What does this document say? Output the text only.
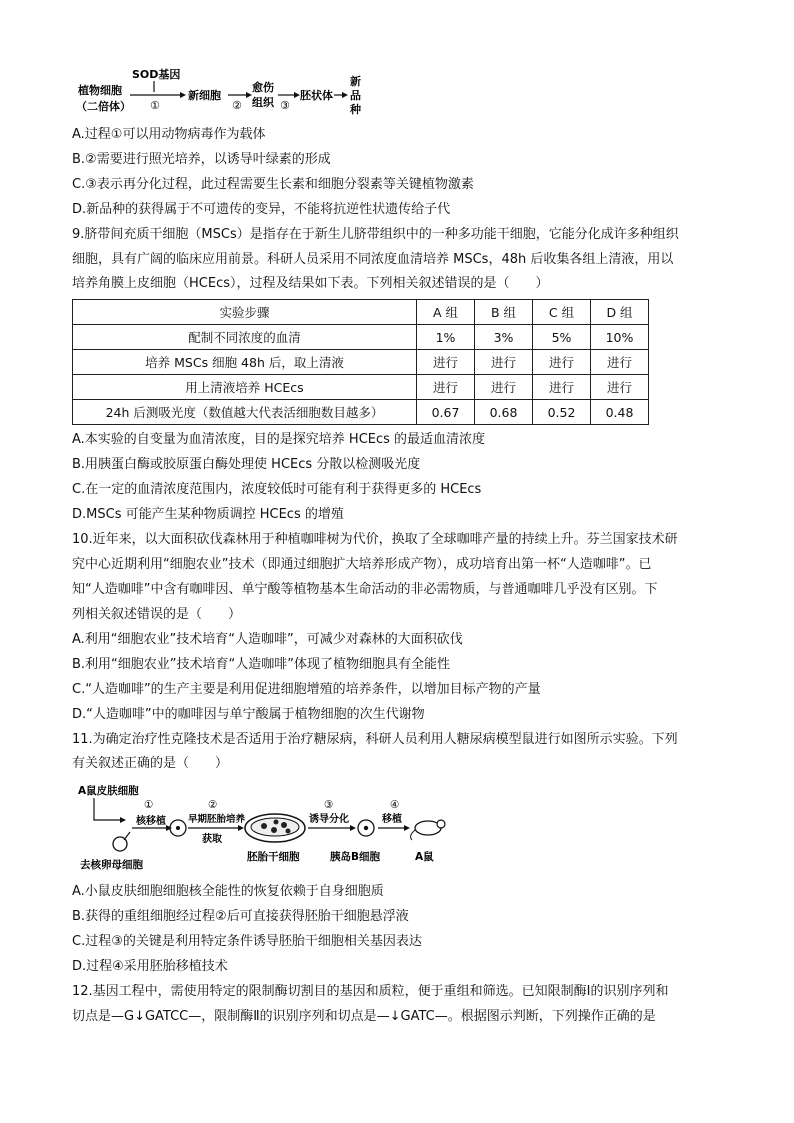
植物细胞
（二倍体）
SOD基因
①
新细胞
②
愈伤
组织 ③
胚状体
新
品
种
A.过程①可以用动物病毒作为载体
B.②需要进行照光培养，以诱导叶绿素的形成
C.③表示再分化过程，此过程需要生长素和细胞分裂素等关键植物激素
D.新品种的获得属于不可遗传的变异，不能将抗逆性状遗传给子代
9.脐带间充质干细胞（MSCs）是指存在于新生儿脐带组织中的一种多功能干细胞，它能分化成许多种组织
细胞，具有广阔的临床应用前景。科研人员采用不同浓度血清培养 MSCs，48h 后收集各组上清液，用以
培养角膜上皮细胞（HCEcs），过程及结果如下表。下列相关叙述错误的是（　　）
实验步骤	A 组	B 组	C 组	D 组
配制不同浓度的血清	1%	3%	5%	10%
培养 MSCs 细胞 48h 后，取上清液	进行	进行	进行	进行
用上清液培养 HCEcs	进行	进行	进行	进行
24h 后测吸光度（数值越大代表活细胞数目越多）	0.67	0.68	0.52	0.48
A.本实验的自变量为血清浓度，目的是探究培养 HCEcs 的最适血清浓度
B.用胰蛋白酶或胶原蛋白酶处理使 HCEcs 分散以检测吸光度
C.在一定的血清浓度范围内，浓度较低时可能有利于获得更多的 HCEcs
D.MSCs 可能产生某种物质调控 HCEcs 的增殖
10.近年来，以大面积砍伐森林用于种植咖啡树为代价，换取了全球咖啡产量的持续上升。芬兰国家技术研
究中心近期利用“细胞农业”技术（即通过细胞扩大培养形成产物），成功培育出第一杯“人造咖啡”。已
知“人造咖啡”中含有咖啡因、单宁酸等植物基本生命活动的非必需物质，与普通咖啡几乎没有区别。下
列相关叙述错误的是（　　）
A.利用“细胞农业”技术培育“人造咖啡”，可减少对森林的大面积砍伐
B.利用“细胞农业”技术培育“人造咖啡”体现了植物细胞具有全能性
C.“人造咖啡”的生产主要是利用促进细胞增殖的培养条件，以增加目标产物的产量
D.“人造咖啡”中的咖啡因与单宁酸属于植物细胞的次生代谢物
11.为确定治疗性克隆技术是否适用于治疗糖尿病，科研人员利用人糖尿病模型鼠进行如图所示实验。下列
有关叙述正确的是（　　）
A鼠皮肤细胞
①
核移植
去核卵母细胞
②
早期胚胎培养
获取
胚胎干细胞
③
诱导分化
胰岛B细胞
④
移植
A鼠
A.小鼠皮肤细胞细胞核全能性的恢复依赖于自身细胞质
B.获得的重组细胞经过程②后可直接获得胚胎干细胞悬浮液
C.过程③的关键是利用特定条件诱导胚胎干细胞相关基因表达
D.过程④采用胚胎移植技术
12.基因工程中，需使用特定的限制酶切割目的基因和质粒，便于重组和筛选。已知限制酶Ⅰ的识别序列和
切点是—G↓GATCC—，限制酶Ⅱ的识别序列和切点是—↓GATC—。根据图示判断，下列操作正确的是
